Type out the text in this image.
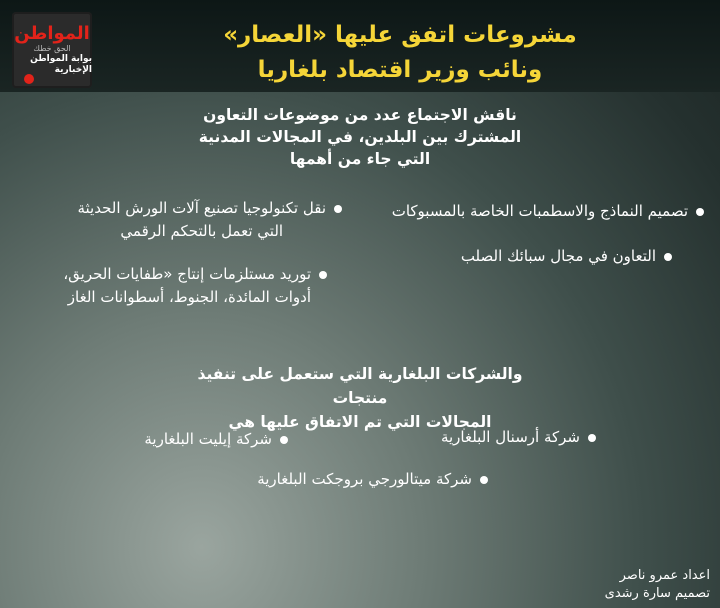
المواطن
الحق خطك
بوابة المواطن الإخبارية
مشروعات اتفق عليها «العصار»
ونائب وزير اقتصاد بلغاريا
ناقش الاجتماع عدد من موضوعات التعاون
المشترك بين البلدين، في المجالات المدنية
التي جاء من أهمها
تصميم النماذج والاسطمبات الخاصة بالمسبوكات
نقل تكنولوجيا تصنيع آلات الورش الحديثة
التي تعمل بالتحكم الرقمي
التعاون في مجال سبائك الصلب
توريد مستلزمات إنتاج «طفايات الحريق،
أدوات المائدة، الجنوط، أسطوانات الغاز
والشركات البلغارية التي ستعمل على تنفيذ منتجات
المجالات التي تم الاتفاق عليها هي
شركة أرسنال البلغارية
شركة إيليت البلغارية
شركة ميتالورجي بروجكت البلغارية
اعداد عمرو ناصر
تصميم سارة رشدى
